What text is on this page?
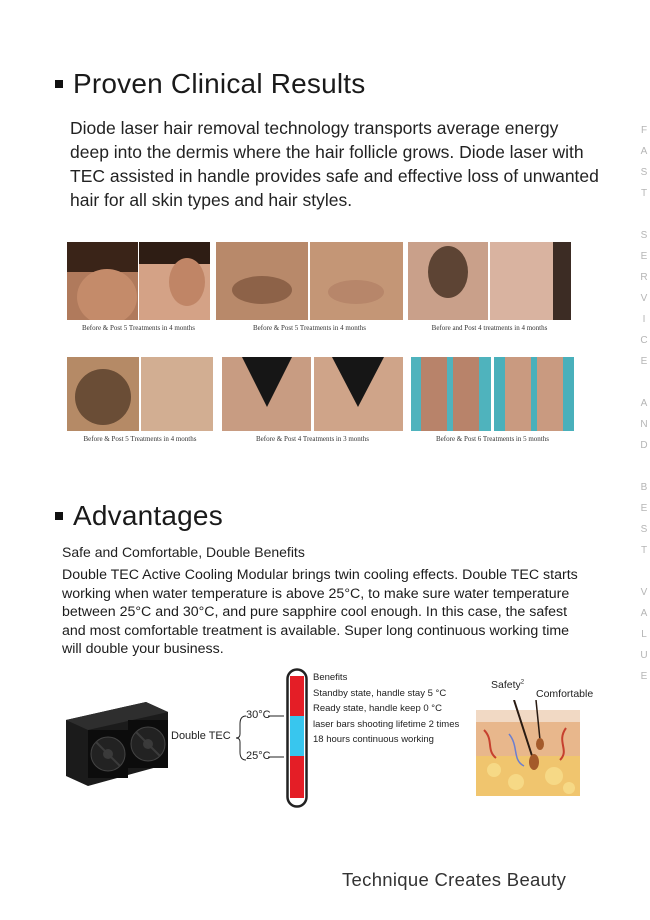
Proven Clinical Results

Diode laser hair removal technology transports average energy deep into the dermis where the hair follicle grows. Diode laser with TEC assisted in handle provides safe and effective loss of unwanted hair for all skin types and hair styles.

F
A
S
T

S
E
R
V
I
C
E

A
N
D

B
E
S
T

V
A
L
U
E
Before & Post 5 Treatments in 4 months	Before & Post 5 Treatments in 4 months	Before and Post 4 treatments in 4 months
Before & Post 5 Treatments in 4 months	Before & Post 4 Treatments in 3 months	Before & Post 6 Treatments in 5 months
Advantages

Safe and Comfortable, Double Benefits

Double TEC Active Cooling Modular brings twin cooling effects. Double TEC starts working when water temperature is above 25°C, to make sure water temperature between 25°C and 30°C, and pure sapphire cool enough. In this case, the safest and most comfortable treatment is available. Super long continuous working time will double your business.

Double TEC
30°C
25°C
Benefits
Standby state, handle stay 5 °C
Ready state, handle keep 0 °C
laser bars shooting lifetime 2 times
18 hours continuous working
Safety$^2$
Comfortable
Technique Creates Beauty
